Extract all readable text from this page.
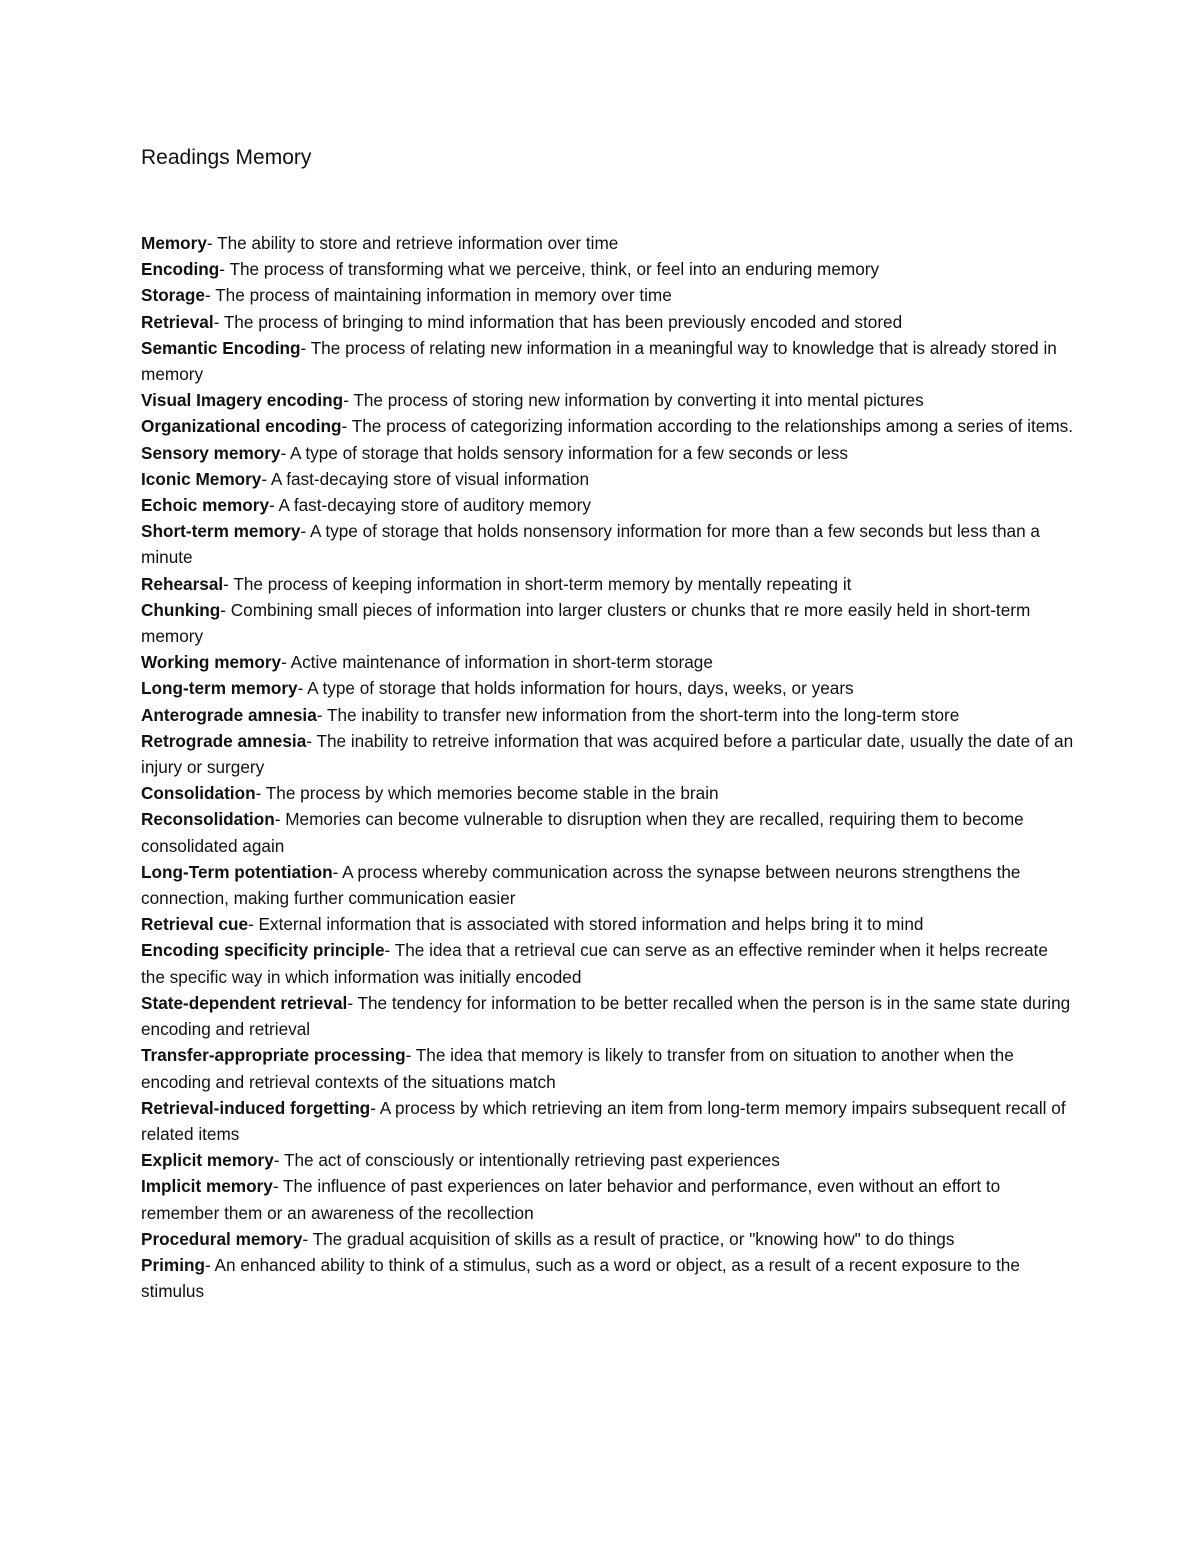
Readings Memory
Memory- The ability to store and retrieve information over time
Encoding- The process of transforming what we perceive, think, or feel into an enduring memory
Storage- The process of maintaining information in memory over time
Retrieval- The process of bringing to mind information that has been previously encoded and stored
Semantic Encoding- The process of relating new information in a meaningful way to knowledge that is already stored in memory
Visual Imagery encoding- The process of storing new information by converting it into mental pictures
Organizational encoding- The process of categorizing information according to the relationships among a series of items.
Sensory memory- A type of storage that holds sensory information for a few seconds or less
Iconic Memory- A fast-decaying store of visual information
Echoic memory- A fast-decaying store of auditory memory
Short-term memory- A type of storage that holds nonsensory information for more than a few seconds but less than a minute
Rehearsal- The process of keeping information in short-term memory by mentally repeating it
Chunking- Combining small pieces of information into larger clusters or chunks that re more easily held in short-term memory
Working memory- Active maintenance of information in short-term storage
Long-term memory- A type of storage that holds information for hours, days, weeks, or years
Anterograde amnesia- The inability to transfer new information from the short-term into the long-term store
Retrograde amnesia- The inability to retreive information that was acquired before a particular date, usually the date of an injury or surgery
Consolidation- The process by which memories become stable in the brain
Reconsolidation- Memories can become vulnerable to disruption when they are recalled, requiring them to become consolidated again
Long-Term potentiation- A process whereby communication across the synapse between neurons strengthens the connection, making further communication easier
Retrieval cue- External information that is associated with stored information and helps bring it to mind
Encoding specificity principle- The idea that a retrieval cue can serve as an effective reminder when it helps recreate the specific way in which information was initially encoded
State-dependent retrieval- The tendency for information to be better recalled when the person is in the same state during encoding and retrieval
Transfer-appropriate processing- The idea that memory is likely to transfer from on situation to another when the encoding and retrieval contexts of the situations match
Retrieval-induced forgetting- A process by which retrieving an item from long-term memory impairs subsequent recall of related items
Explicit memory- The act of consciously or intentionally retrieving past experiences
Implicit memory- The influence of past experiences on later behavior and performance, even without an effort to remember them or an awareness of the recollection
Procedural memory- The gradual acquisition of skills as a result of practice, or "knowing how" to do things
Priming- An enhanced ability to think of a stimulus, such as a word or object, as a result of a recent exposure to the stimulus
